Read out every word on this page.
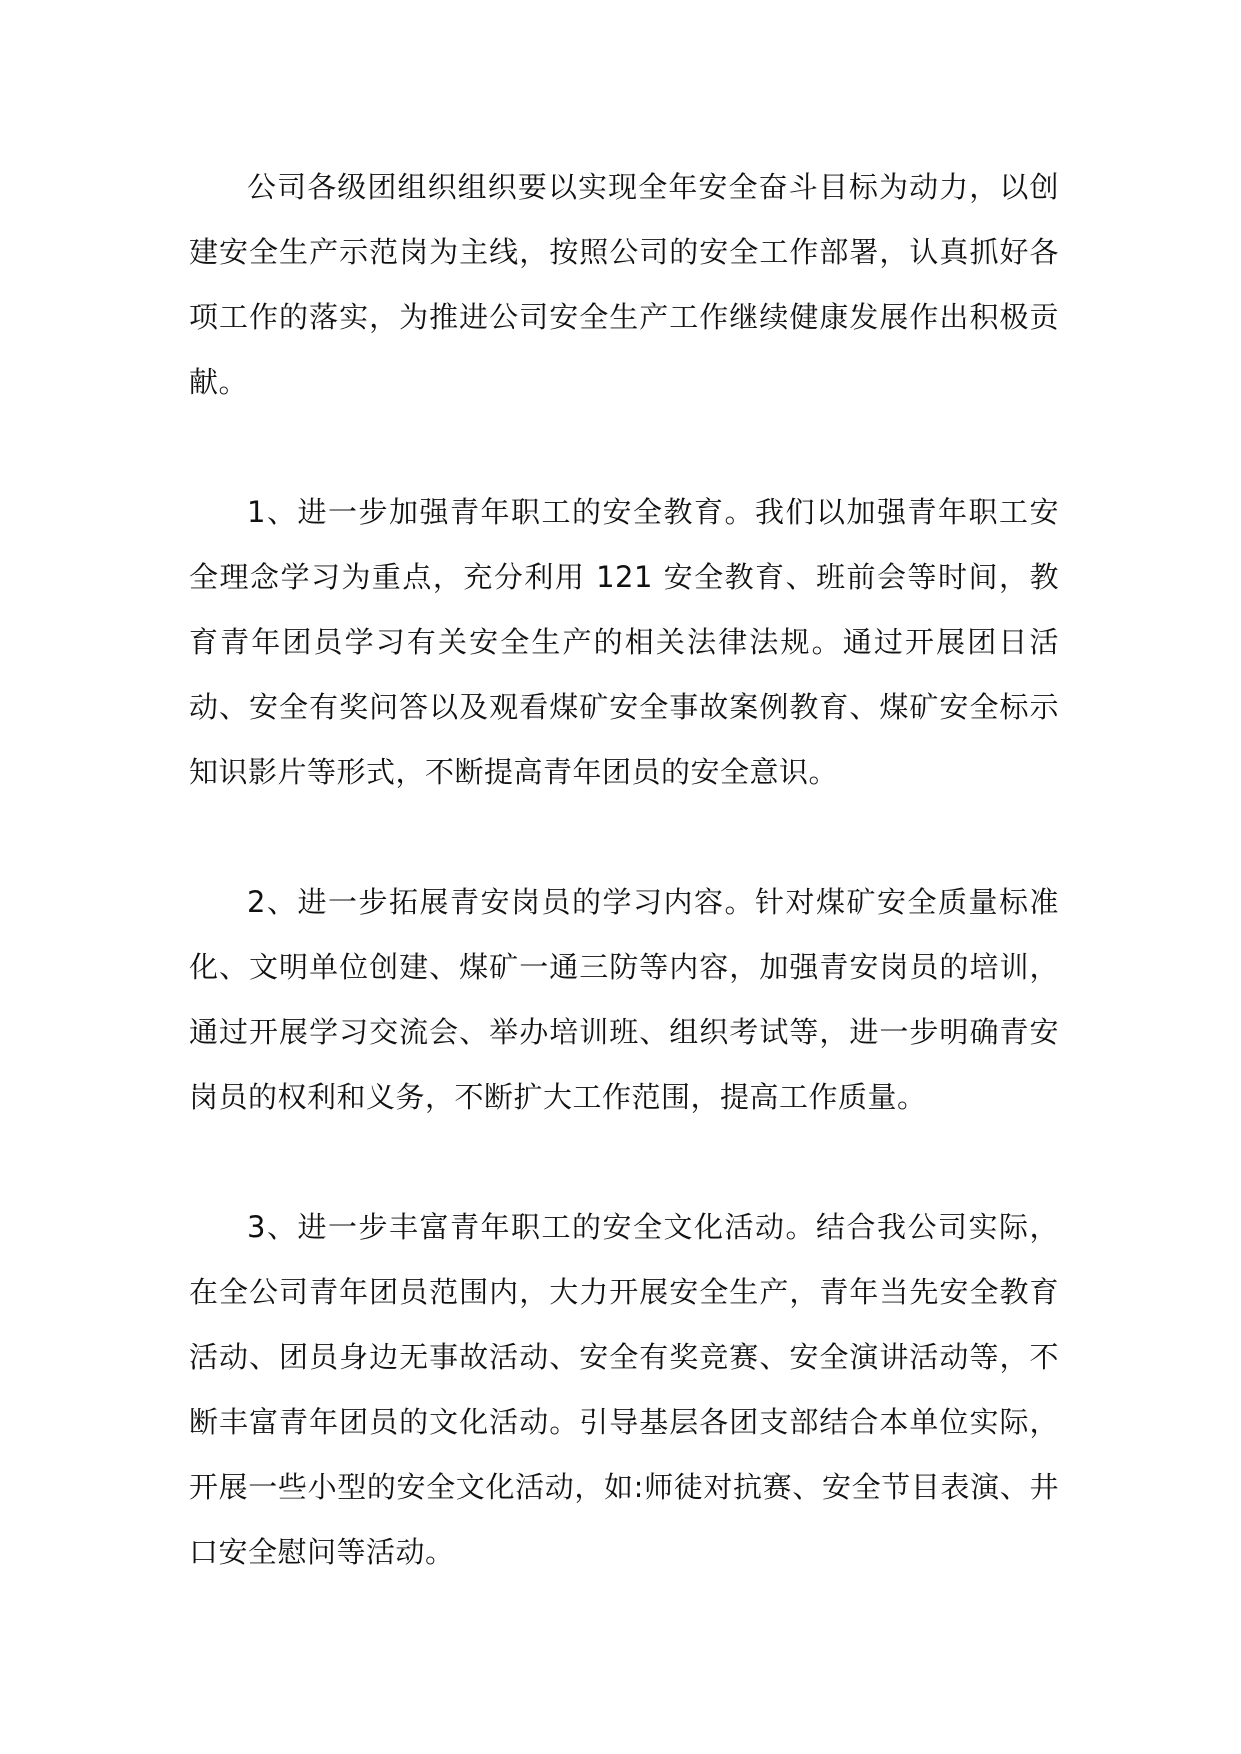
公司各级团组织组织要以实现全年安全奋斗目标为动力，以创建安全生产示范岗为主线，按照公司的安全工作部署，认真抓好各项工作的落实，为推进公司安全生产工作继续健康发展作出积极贡献。

1、进一步加强青年职工的安全教育。我们以加强青年职工安全理念学习为重点，充分利用 121 安全教育、班前会等时间，教育青年团员学习有关安全生产的相关法律法规。通过开展团日活动、安全有奖问答以及观看煤矿安全事故案例教育、煤矿安全标示知识影片等形式，不断提高青年团员的安全意识。

2、进一步拓展青安岗员的学习内容。针对煤矿安全质量标准化、文明单位创建、煤矿一通三防等内容，加强青安岗员的培训，通过开展学习交流会、举办培训班、组织考试等，进一步明确青安岗员的权利和义务，不断扩大工作范围，提高工作质量。

3、进一步丰富青年职工的安全文化活动。结合我公司实际，在全公司青年团员范围内，大力开展安全生产，青年当先安全教育活动、团员身边无事故活动、安全有奖竞赛、安全演讲活动等，不断丰富青年团员的文化活动。引导基层各团支部结合本单位实际，开展一些小型的安全文化活动，如:师徒对抗赛、安全节目表演、井口安全慰问等活动。
